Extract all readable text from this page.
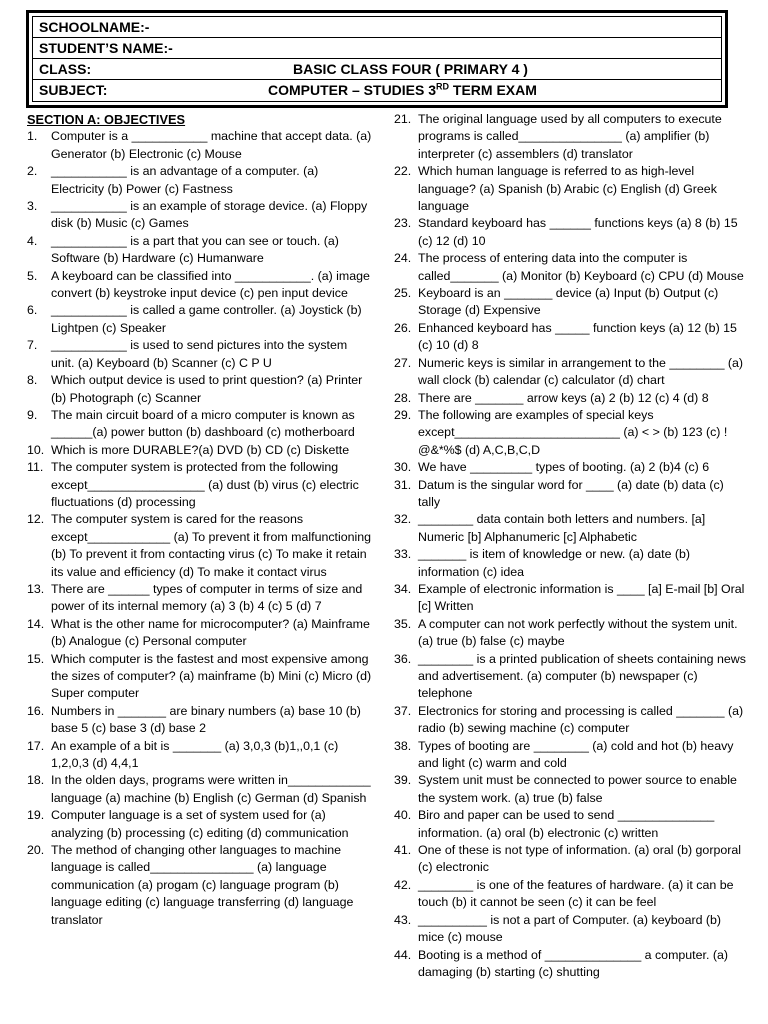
SCHOOLNAME:-
STUDENT’S NAME:-
CLASS:	BASIC CLASS FOUR ( PRIMARY 4 )
SUBJECT:	COMPUTER – STUDIES 3RD TERM EXAM
SECTION A: OBJECTIVES
1.	Computer is a ___________ machine that accept data. (a) Generator (b) Electronic (c) Mouse
2.	___________ is an advantage of a computer. (a) Electricity (b) Power (c) Fastness
3.	___________ is an example of storage device. (a) Floppy disk (b) Music (c) Games
4.	___________ is a part that you can see or touch. (a) Software (b) Hardware (c) Humanware
5.	A keyboard can be classified into ___________. (a) image convert (b) keystroke input device (c) pen input device
6.	___________ is called a game controller. (a) Joystick (b) Lightpen (c) Speaker
7.	___________ is used to send pictures into the system unit. (a) Keyboard (b) Scanner (c) C P U
8.	Which output device is used to print question? (a) Printer (b) Photograph (c) Scanner
9.	The main circuit board of a micro computer is known as ______(a) power button (b) dashboard (c) motherboard
10. Which is more DURABLE?(a) DVD (b) CD (c) Diskette
11. The computer system is protected from the following except_________________ (a) dust (b) virus (c) electric fluctuations (d) processing
12. The computer system is cared for the reasons except____________ (a) To prevent it from malfunctioning (b) To prevent it from contacting virus (c) To make it retain its value and efficiency (d) To make it contact virus
13. There are ______ types of computer in terms of size and power of its internal memory (a) 3 (b) 4 (c) 5 (d) 7
14. What is the other name for microcomputer? (a) Mainframe (b) Analogue (c) Personal computer
15. Which computer is the fastest and most expensive among the sizes of computer? (a) mainframe (b) Mini (c) Micro (d) Super computer
16. Numbers in _______ are binary numbers (a) base 10 (b) base 5 (c) base 3 (d) base 2
17. An example of a bit is _______ (a) 3,0,3 (b)1,,0,1 (c) 1,2,0,3 (d) 4,4,1
18. In the olden days, programs were written in____________ language (a) machine (b) English (c) German (d) Spanish
19. Computer language is a set of system used for (a) analyzing (b) processing (c) editing (d) communication
20. The method of changing other languages to machine language is called_______________ (a) language communication (a) progam (c) language program (b) language editing (c) language transferring (d) language translator
21. The original language used by all computers to execute programs is called_______________ (a) amplifier (b) interpreter (c) assemblers (d) translator
22. Which human language is referred to as high-level language? (a) Spanish (b) Arabic (c) English (d) Greek language
23. Standard keyboard has ______ functions keys (a) 8 (b) 15 (c) 12 (d) 10
24. The process of entering data into the computer is called_______ (a) Monitor (b) Keyboard (c) CPU (d) Mouse
25. Keyboard is an _______ device (a) Input (b) Output (c) Storage (d) Expensive
26. Enhanced keyboard has _____ function keys (a) 12 (b) 15 (c) 10 (d) 8
27. Numeric keys is similar in arrangement to the ________ (a) wall clock (b) calendar (c) calculator (d) chart
28. There are _______ arrow keys (a) 2 (b) 12 (c) 4 (d) 8
29. The following are examples of special keys except________________________ (a) < > (b) 123 (c) ! @&*%$ (d) A,C,B,C,D
30. We have _________ types of booting. (a) 2 (b)4 (c) 6
31. Datum is the singular word for ____ (a) date (b) data (c) tally
32. ________ data contain both letters and numbers. [a] Numeric [b] Alphanumeric [c] Alphabetic
33. _______ is item of knowledge or new. (a) date (b) information (c) idea
34. Example of electronic information is ____ [a] E-mail [b] Oral [c] Written
35. A computer can not work perfectly without the system unit. (a) true (b) false (c) maybe
36. ________ is a printed publication of sheets containing news and advertisement. (a) computer (b) newspaper (c) telephone
37. Electronics for storing and processing is called _______ (a) radio (b) sewing machine (c) computer
38. Types of booting are ________ (a) cold and hot (b) heavy and light (c) warm and cold
39. System unit must be connected to power source to enable the system work. (a) true (b) false
40. Biro and paper can be used to send ______________ information. (a) oral (b) electronic (c) written
41. One of these is not type of information. (a) oral (b) gorporal (c) electronic
42. ________ is one of the features of hardware. (a) it can be touch (b) it cannot be seen (c) it can be feel
43. __________ is not a part of Computer. (a) keyboard (b) mice (c) mouse
44. Booting is a method of ______________ a computer. (a) damaging (b) starting (c) shutting
